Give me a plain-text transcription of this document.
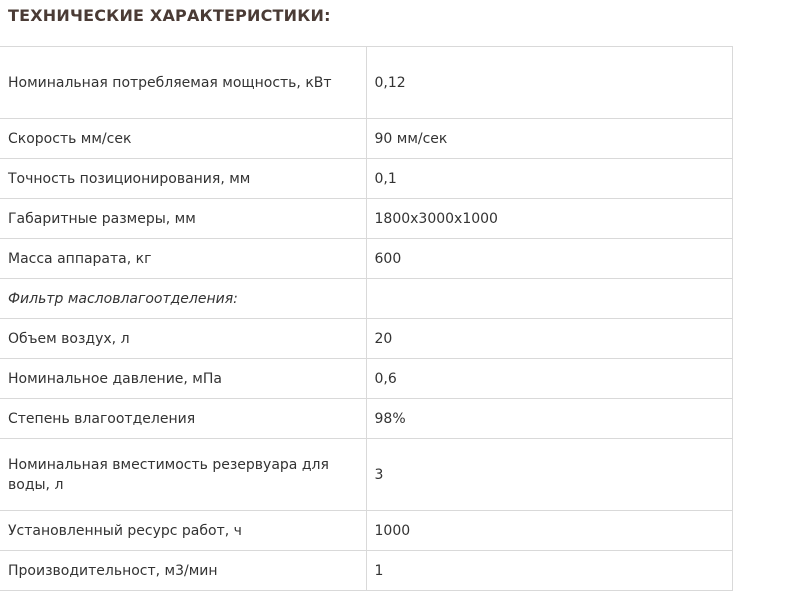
ТЕХНИЧЕСКИЕ ХАРАКТЕРИСТИКИ:
Номинальная потребляемая мощность, кВт	0,12
Скорость мм/сек	90 мм/сек
Точность позиционирования, мм	0,1
Габаритные размеры, мм	1800х3000х1000
Масса аппарата, кг	600
Фильтр масловлагоотделения:	
Объем воздух, л	20
Номинальное давление, мПа	0,6
Степень влагоотделения	98%
Номинальная вместимость резервуара для воды, л	3
Установленный ресурс работ, ч	1000
Производительност, м3/мин	1
